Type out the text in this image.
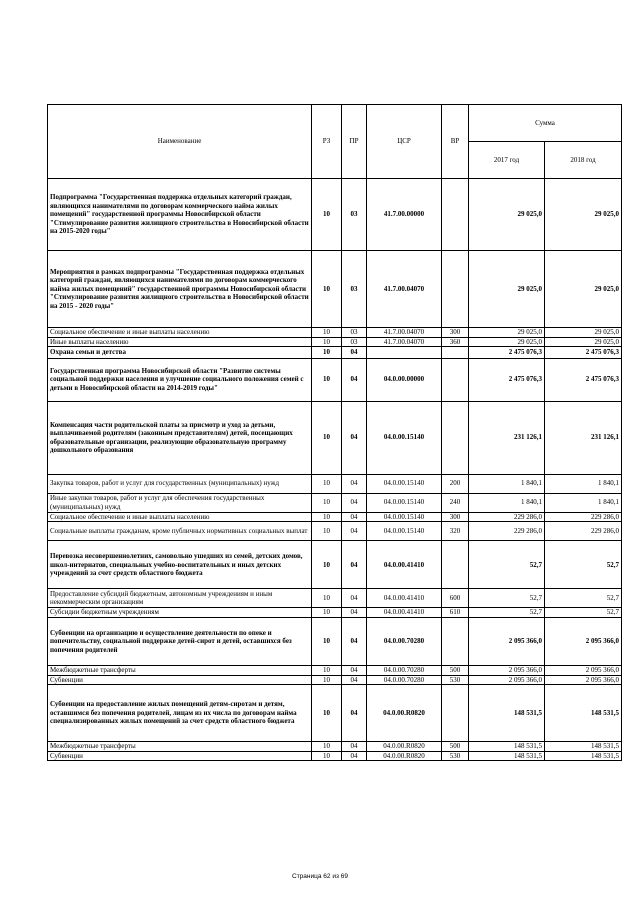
Наименование	РЗ	ПР	ЦСР	ВР	Сумма	
					2017 год	2018 год
Подпрограмма "Государственная поддержка отдельных категорий граждан, являющихся нанимателями по договорам коммерческого найма жилых помещений" государственной программы Новосибирской области "Стимулирование развития жилищного строительства в Новосибирской области на 2015-2020 годы"	10	03	41.7.00.00000		29 025,0	29 025,0
Мероприятия в рамках подпрограммы "Государственная поддержка отдельных категорий граждан, являющихся нанимателями по договорам коммерческого найма жилых помещений" государственной программы Новосибирской области "Стимулирование развития жилищного строительства в Новосибирской области на 2015 - 2020 годы"	10	03	41.7.00.04070		29 025,0	29 025,0
Социальное обеспечение и иные выплаты населению	10	03	41.7.00.04070	300	29 025,0	29 025,0
Иные выплаты населению	10	03	41.7.00.04070	360	29 025,0	29 025,0
Охрана семьи и детства	10	04			2 475 076,3	2 475 076,3
Государственная программа Новосибирской области "Развитие системы социальной поддержки населения и улучшение социального положения семей с детьми в Новосибирской области на 2014-2019 годы"	10	04	04.0.00.00000		2 475 076,3	2 475 076,3
Компенсация части родительской платы за присмотр и уход за детьми, выплачиваемой родителям (законным представителям) детей, посещающих образовательные организации, реализующие образовательную программу дошкольного образования	10	04	04.0.00.15140		231 126,1	231 126,1
Закупка товаров, работ и услуг для государственных (муниципальных) нужд	10	04	04.0.00.15140	200	1 840,1	1 840,1
Иные закупки товаров, работ и услуг для обеспечения государственных (муниципальных) нужд	10	04	04.0.00.15140	240	1 840,1	1 840,1
Социальное обеспечение и иные выплаты населению	10	04	04.0.00.15140	300	229 286,0	229 286,0
Социальные выплаты гражданам, кроме публичных нормативных социальных выплат	10	04	04.0.00.15140	320	229 286,0	229 286,0
Перевозка несовершеннолетних, самовольно ушедших из семей, детских домов, школ-интернатов, специальных учебно-воспитательных и иных детских учреждений за счет средств областного бюджета	10	04	04.0.00.41410		52,7	52,7
Предоставление субсидий бюджетным, автономным учреждениям и иным некоммерческим организациям	10	04	04.0.00.41410	600	52,7	52,7
Субсидии бюджетным учреждениям	10	04	04.0.00.41410	610	52,7	52,7
Субвенции на организацию и осуществление деятельности по опеке и попечительству, социальной поддержке детей-сирот и детей, оставшихся без попечения родителей	10	04	04.0.00.70280		2 095 366,0	2 095 366,0
Межбюджетные трансферты	10	04	04.0.00.70280	500	2 095 366,0	2 095 366,0
Субвенции	10	04	04.0.00.70280	530	2 095 366,0	2 095 366,0
Субвенции на предоставление жилых помещений детям-сиротам и детям, оставшимся без попечения родителей, лицам из их числа по договорам найма специализированных жилых помещений за счет средств областного бюджета	10	04	04.0.00.R0820		148 531,5	148 531,5
Межбюджетные трансферты	10	04	04.0.00.R0820	500	148 531,5	148 531,5
Субвенции	10	04	04.0.00.R0820	530	148 531,5	148 531,5
Страница 62 из 69
